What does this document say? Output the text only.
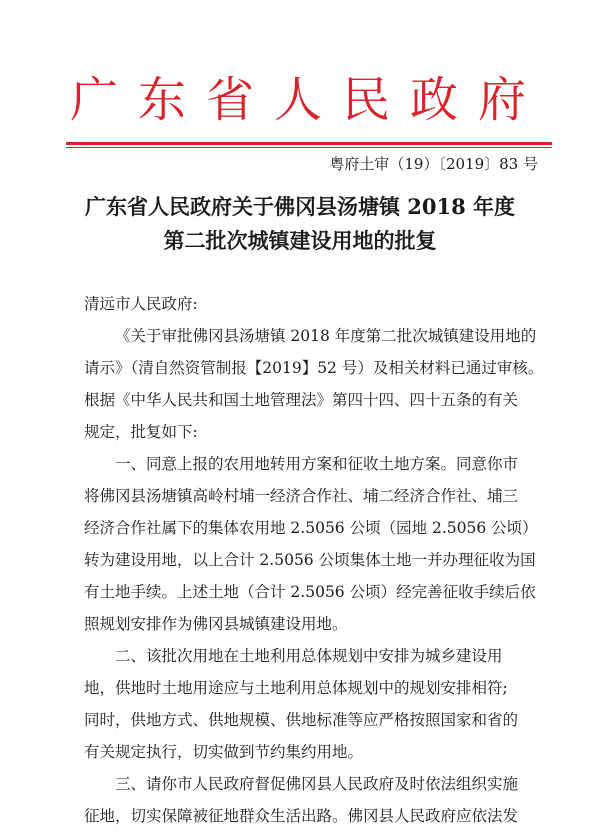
广东省人民政府
粤府土审（19）〔2019〕83 号
广东省人民政府关于佛冈县汤塘镇 2018 年度
第二批次城镇建设用地的批复
清远市人民政府:
《关于审批佛冈县汤塘镇 2018 年度第二批次城镇建设用地的
请示》（清自然资管制报【2019】52 号）及相关材料已通过审核。
根据《中华人民共和国土地管理法》第四十四、四十五条的有关
规定，批复如下:
一、同意上报的农用地转用方案和征收土地方案。同意你市
将佛冈县汤塘镇高岭村埔一经济合作社、埔二经济合作社、埔三
经济合作社属下的集体农用地 2.5056 公顷（园地 2.5056 公顷）
转为建设用地，以上合计 2.5056 公顷集体土地一并办理征收为国
有土地手续。上述土地（合计 2.5056 公顷）经完善征收手续后依
照规划安排作为佛冈县城镇建设用地。
二、该批次用地在土地利用总体规划中安排为城乡建设用
地，供地时土地用途应与土地利用总体规划中的规划安排相符;
同时，供地方式、供地规模、供地标准等应严格按照国家和省的
有关规定执行，切实做到节约集约用地。
三、请你市人民政府督促佛冈县人民政府及时依法组织实施
征地，切实保障被征地群众生活出路。佛冈县人民政府应依法发
